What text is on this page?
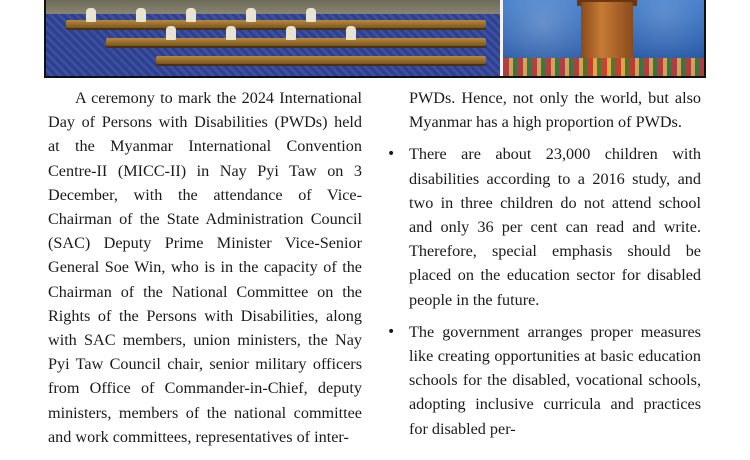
A ceremony to mark the 2024 International Day of Persons with Disabilities (PWDs) held at the Myanmar International Convention Centre-II (MICC-II) in Nay Pyi Taw on 3 December, with the attendance of Vice-Chairman of the State Administration Council (SAC) Deputy Prime Minister Vice-Senior General Soe Win, who is in the capacity of the Chairman of the National Committee on the Rights of the Persons with Disabilities, along with SAC members, union ministers, the Nay Pyi Taw Council chair, senior military officers from Office of Commander-in-Chief, deputy ministers, members of the national committee and work committees, representatives of inter-

PWDs. Hence, not only the world, but also Myanmar has a high proportion of PWDs.

• There are about 23,000 children with disabilities according to a 2016 study, and two in three children do not attend school and only 36 per cent can read and write. Therefore, special emphasis should be placed on the education sector for disabled people in the future.
• The government arranges proper measures like creating opportunities at basic education schools for the disabled, vocational schools, adopting inclusive curricula and practices for disabled per-
